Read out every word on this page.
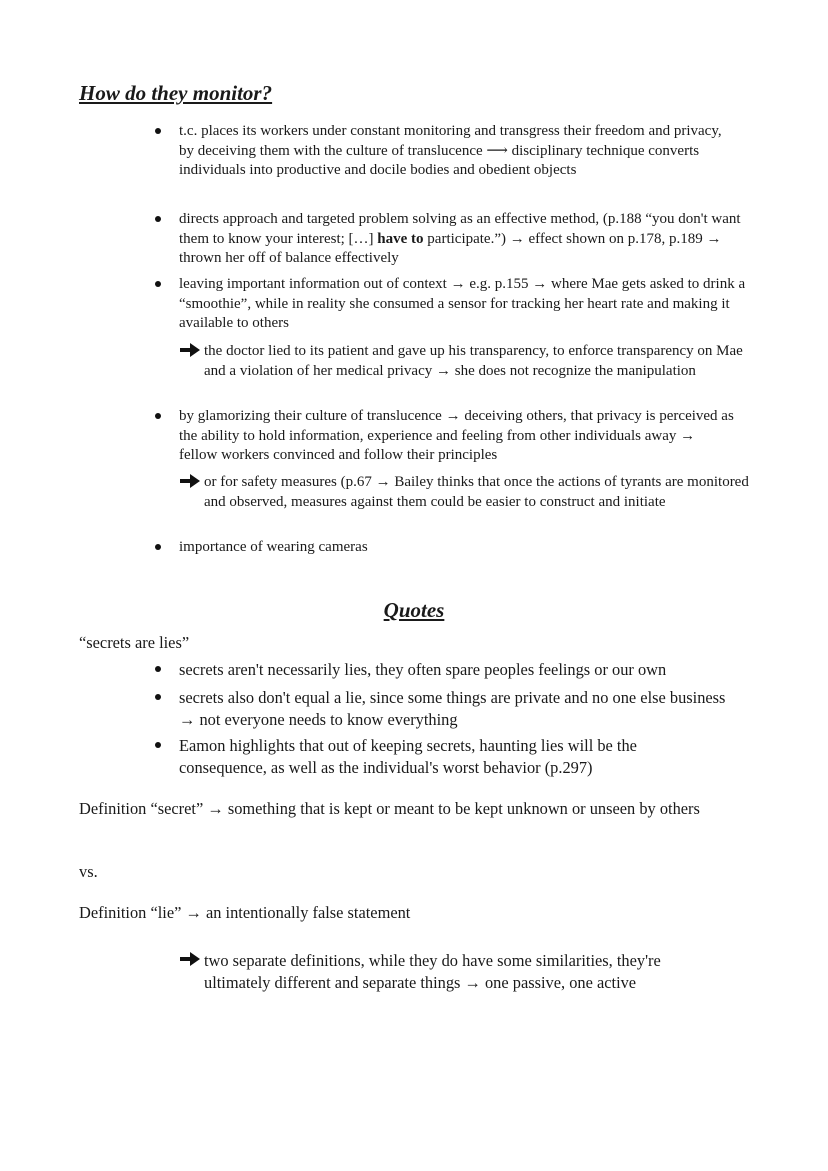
How do they monitor?
t.c. places its workers under constant monitoring and transgress their freedom and privacy, by deceiving them with the culture of translucence ⟶ disciplinary technique converts individuals into productive and docile bodies and obedient objects
directs approach and targeted problem solving as an effective method, (p.188 “you don't want them to know your interest; […] have to participate.”) → effect shown on p.178, p.189 → thrown her off of balance effectively
leaving important information out of context → e.g. p.155 → where Mae gets asked to drink a “smoothie”, while in reality she consumed a sensor for tracking her heart rate and making it available to others
the doctor lied to its patient and gave up his transparency, to enforce transparency on Mae and a violation of her medical privacy → she does not recognize the manipulation
by glamorizing their culture of translucence → deceiving others, that privacy is perceived as the ability to hold information, experience and feeling from other individuals away → fellow workers convinced and follow their principles
or for safety measures (p.67 → Bailey thinks that once the actions of tyrants are monitored and observed, measures against them could be easier to construct and initiate
importance of wearing cameras
Quotes
“secrets are lies”
secrets aren't necessarily lies, they often spare peoples feelings or our own
secrets also don't equal a lie, since some things are private and no one else business → not everyone needs to know everything
Eamon highlights that out of keeping secrets, haunting lies will be the consequence, as well as the individual's worst behavior (p.297)
Definition “secret” → something that is kept or meant to be kept unknown or unseen by others
vs.
Definition “lie” → an intentionally false statement
two separate definitions, while they do have some similarities, they're ultimately different and separate things → one passive, one active
